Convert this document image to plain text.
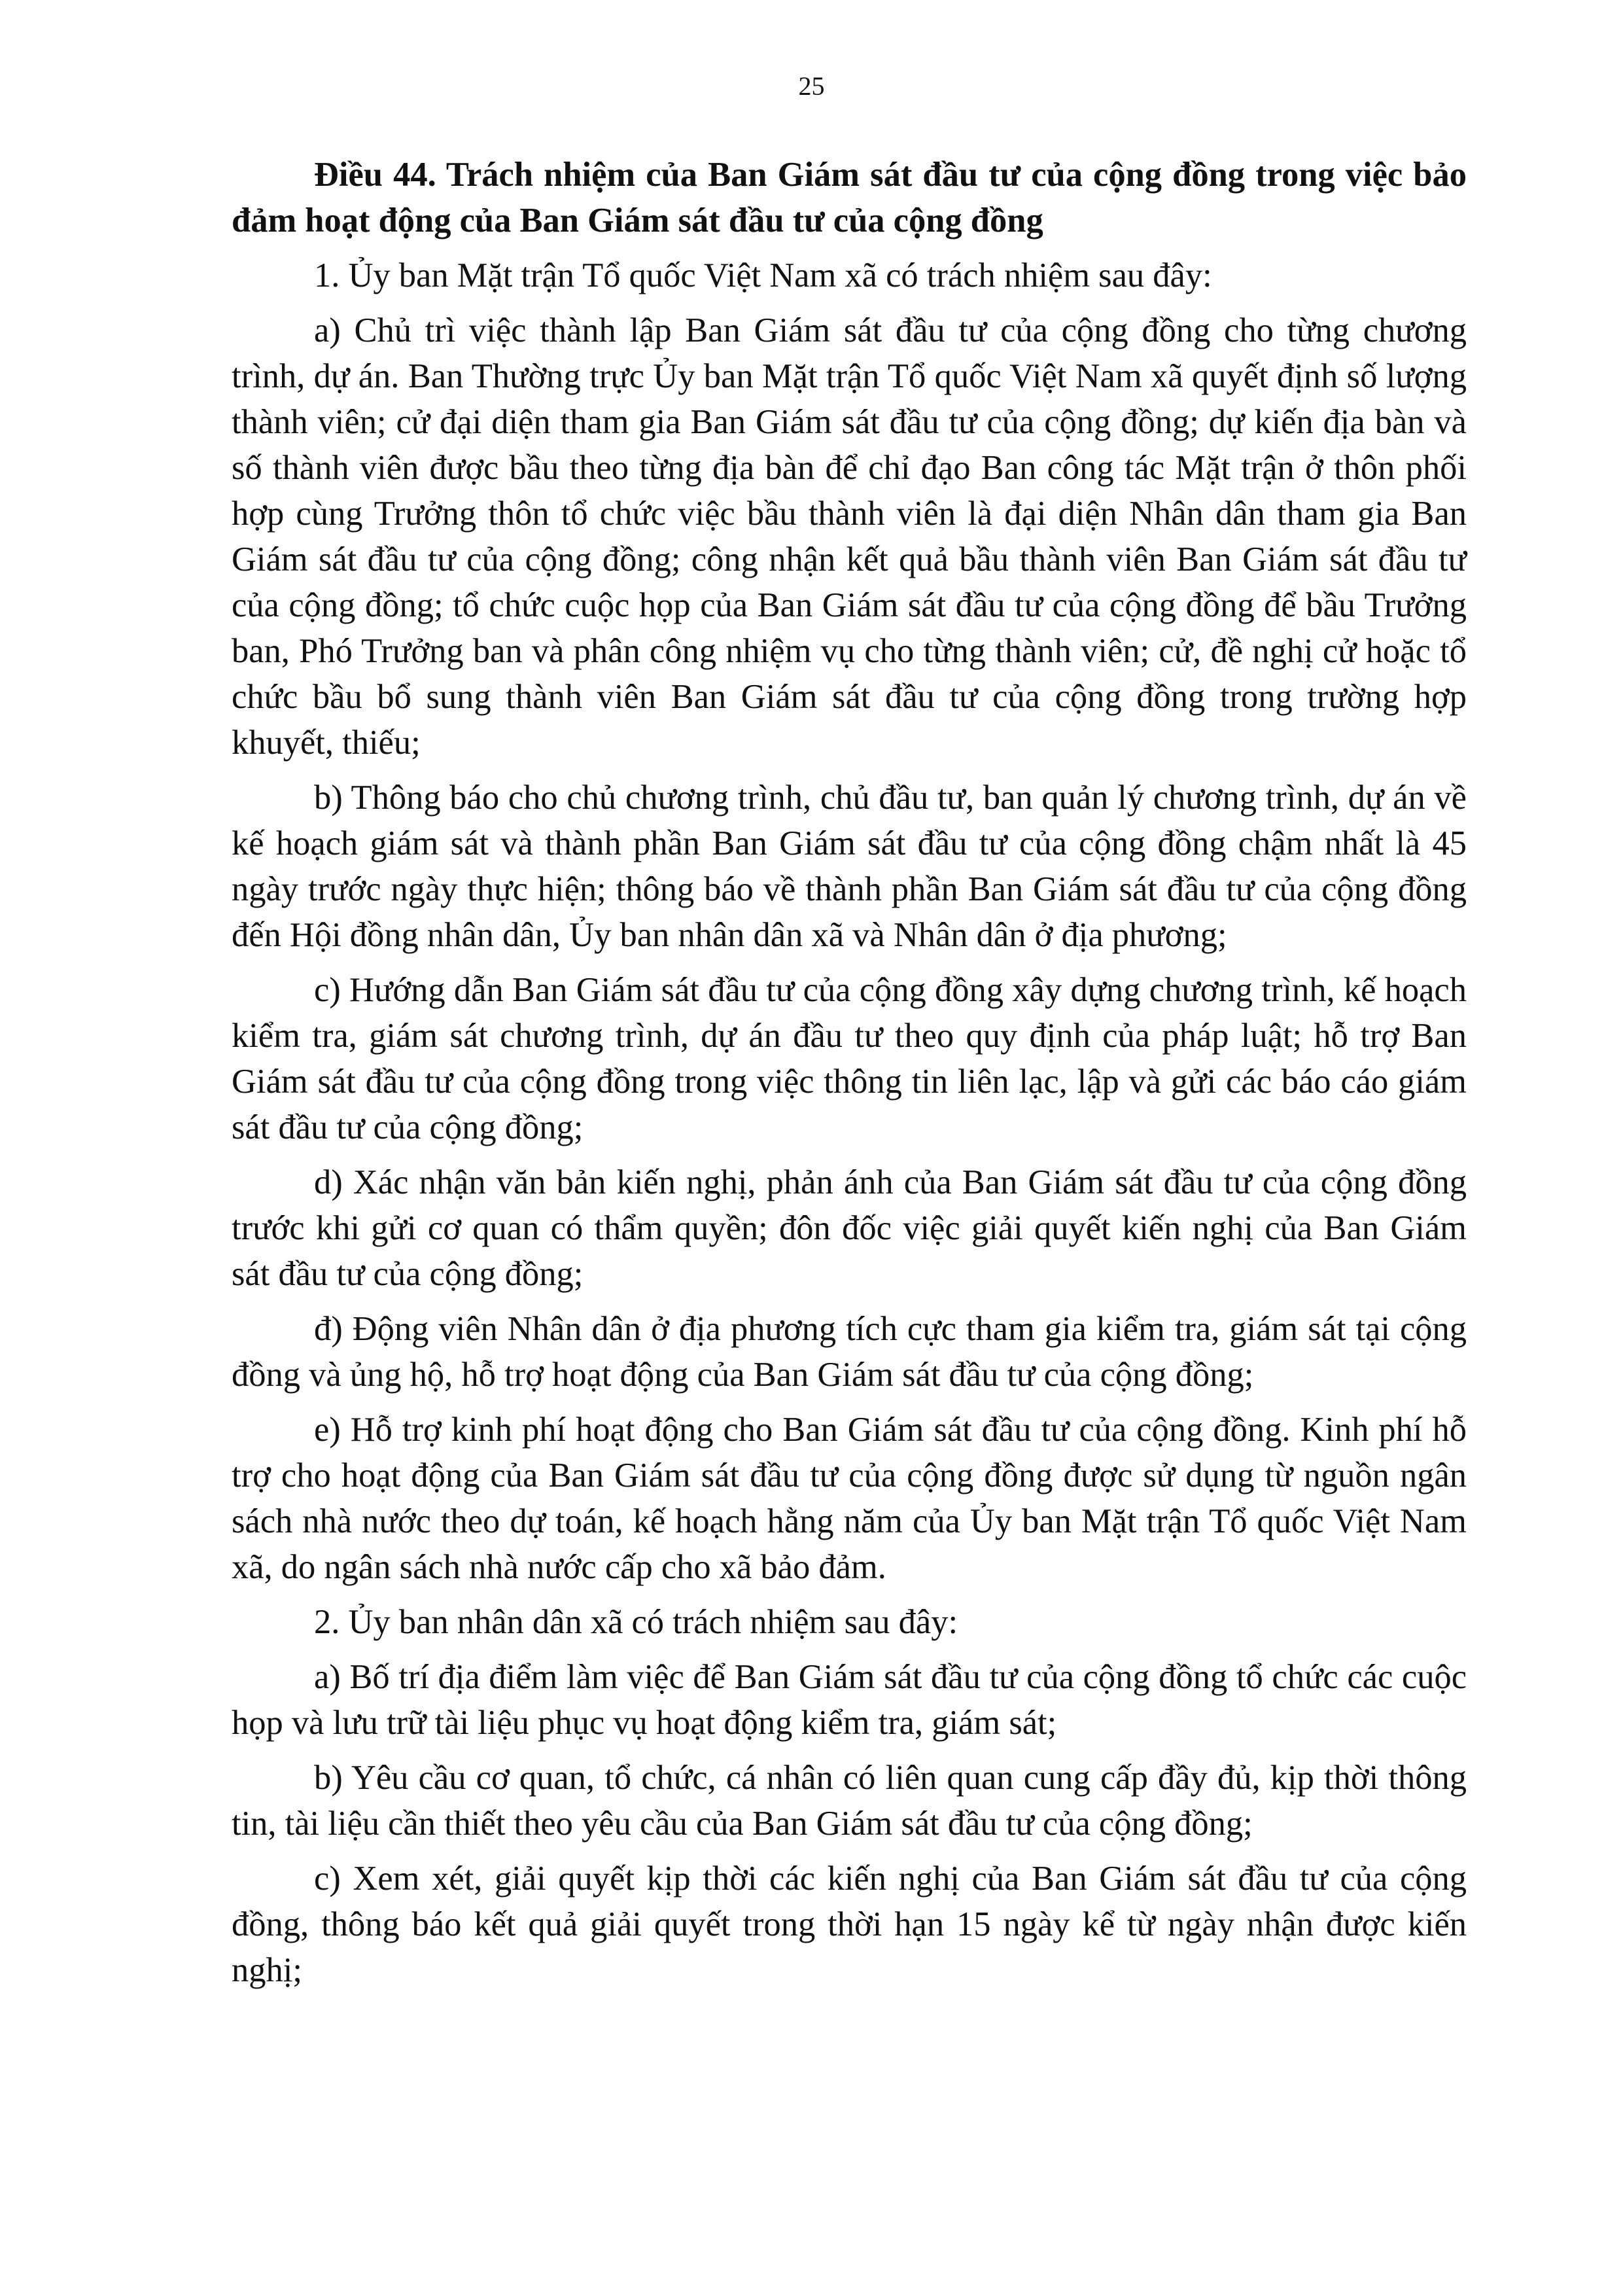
25
Điều 44. Trách nhiệm của Ban Giám sát đầu tư của cộng đồng trong việc bảo đảm hoạt động của Ban Giám sát đầu tư của cộng đồng
1. Ủy ban Mặt trận Tổ quốc Việt Nam xã có trách nhiệm sau đây:
a) Chủ trì việc thành lập Ban Giám sát đầu tư của cộng đồng cho từng chương trình, dự án. Ban Thường trực Ủy ban Mặt trận Tổ quốc Việt Nam xã quyết định số lượng thành viên; cử đại diện tham gia Ban Giám sát đầu tư của cộng đồng; dự kiến địa bàn và số thành viên được bầu theo từng địa bàn để chỉ đạo Ban công tác Mặt trận ở thôn phối hợp cùng Trưởng thôn tổ chức việc bầu thành viên là đại diện Nhân dân tham gia Ban Giám sát đầu tư của cộng đồng; công nhận kết quả bầu thành viên Ban Giám sát đầu tư của cộng đồng; tổ chức cuộc họp của Ban Giám sát đầu tư của cộng đồng để bầu Trưởng ban, Phó Trưởng ban và phân công nhiệm vụ cho từng thành viên; cử, đề nghị cử hoặc tổ chức bầu bổ sung thành viên Ban Giám sát đầu tư của cộng đồng trong trường hợp khuyết, thiếu;
b) Thông báo cho chủ chương trình, chủ đầu tư, ban quản lý chương trình, dự án về kế hoạch giám sát và thành phần Ban Giám sát đầu tư của cộng đồng chậm nhất là 45 ngày trước ngày thực hiện; thông báo về thành phần Ban Giám sát đầu tư của cộng đồng đến Hội đồng nhân dân, Ủy ban nhân dân xã và Nhân dân ở địa phương;
c) Hướng dẫn Ban Giám sát đầu tư của cộng đồng xây dựng chương trình, kế hoạch kiểm tra, giám sát chương trình, dự án đầu tư theo quy định của pháp luật; hỗ trợ Ban Giám sát đầu tư của cộng đồng trong việc thông tin liên lạc, lập và gửi các báo cáo giám sát đầu tư của cộng đồng;
d) Xác nhận văn bản kiến nghị, phản ánh của Ban Giám sát đầu tư của cộng đồng trước khi gửi cơ quan có thẩm quyền; đôn đốc việc giải quyết kiến nghị của Ban Giám sát đầu tư của cộng đồng;
đ) Động viên Nhân dân ở địa phương tích cực tham gia kiểm tra, giám sát tại cộng đồng và ủng hộ, hỗ trợ hoạt động của Ban Giám sát đầu tư của cộng đồng;
e) Hỗ trợ kinh phí hoạt động cho Ban Giám sát đầu tư của cộng đồng. Kinh phí hỗ trợ cho hoạt động của Ban Giám sát đầu tư của cộng đồng được sử dụng từ nguồn ngân sách nhà nước theo dự toán, kế hoạch hằng năm của Ủy ban Mặt trận Tổ quốc Việt Nam xã, do ngân sách nhà nước cấp cho xã bảo đảm.
2. Ủy ban nhân dân xã có trách nhiệm sau đây:
a) Bố trí địa điểm làm việc để Ban Giám sát đầu tư của cộng đồng tổ chức các cuộc họp và lưu trữ tài liệu phục vụ hoạt động kiểm tra, giám sát;
b) Yêu cầu cơ quan, tổ chức, cá nhân có liên quan cung cấp đầy đủ, kịp thời thông tin, tài liệu cần thiết theo yêu cầu của Ban Giám sát đầu tư của cộng đồng;
c) Xem xét, giải quyết kịp thời các kiến nghị của Ban Giám sát đầu tư của cộng đồng, thông báo kết quả giải quyết trong thời hạn 15 ngày kể từ ngày nhận được kiến nghị;
